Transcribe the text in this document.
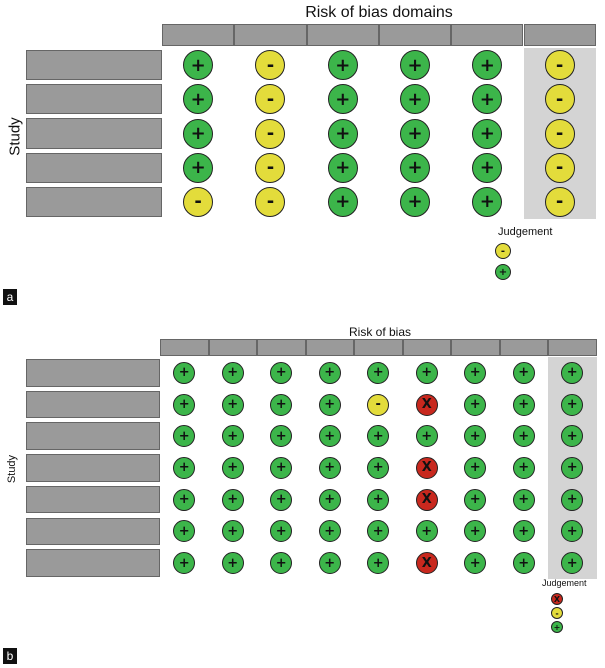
Risk of bias domains
Study
+	-	+	+	+	-
+	-	+	+	+	-
+	-	+	+	+	-
+	-	+	+	+	-
-	-	+	+	+	-
Judgement
-
+
a
Risk of bias
Study
+	+	+	+	+	+	+	+	+
+	+	+	+	-	X	+	+	+
+	+	+	+	+	+	+	+	+
+	+	+	+	+	X	+	+	+
+	+	+	+	+	X	+	+	+
+	+	+	+	+	+	+	+	+
+	+	+	+	+	X	+	+	+
Judgement
X
-
+
b
